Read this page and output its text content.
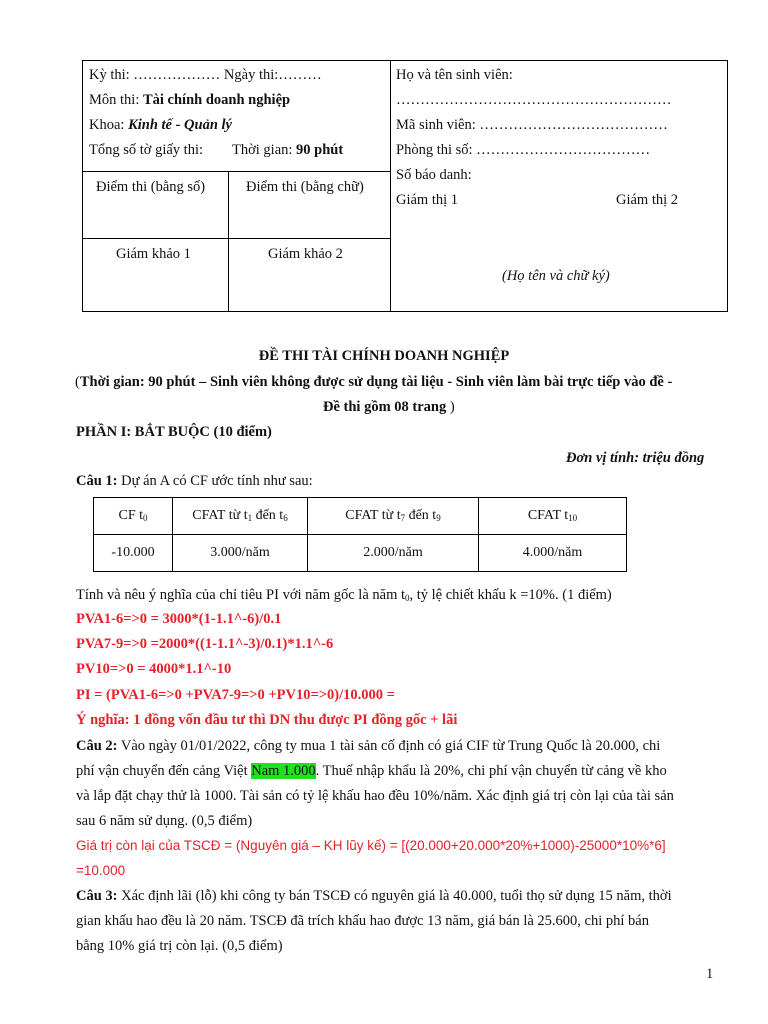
Kỳ thi: ……………… Ngày thi:………
Môn thi: Tài chính doanh nghiệp
Khoa: Kinh tế - Quản lý
Tổng số tờ giấy thi: Thời gian: 90 phút
Điểm thi (bằng số)	Điểm thi (bằng chữ)
Giám khảo 1	Giám khảo 2
Họ và tên sinh viên:
…………………………………………………
Mã sinh viên: …………………………………
Phòng thi số: ………………………………
Số báo danh:
Giám thị 1	Giám thị 2
(Họ tên và chữ ký)
ĐỀ THI TÀI CHÍNH DOANH NGHIỆP
(Thời gian: 90 phút – Sinh viên không được sử dụng tài liệu - Sinh viên làm bài trực tiếp vào đề -
Đề thi gồm 08 trang )
PHẦN I: BẮT BUỘC (10 điểm)
Đơn vị tính: triệu đồng
Câu 1: Dự án A có CF ước tính như sau:
CF $t_0$	CFAT từ $t_1$ đến $t_6$	CFAT từ $t_7$ đến $t_9$	CFAT $t_{10}$
-10.000	3.000/năm	2.000/năm	4.000/năm
Tính và nêu ý nghĩa của chỉ tiêu PI với năm gốc là năm $t_0$, tỷ lệ chiết khấu k =10%. (1 điểm)
PVA1-6=>0 = 3000*(1-1.1^-6)/0.1
PVA7-9=>0 =2000*((1-1.1^-3)/0.1)*1.1^-6
PV10=>0 = 4000*1.1^-10
PI = (PVA1-6=>0 +PVA7-9=>0 +PV10=>0)/10.000 =
Ý nghĩa: 1 đồng vốn đầu tư thì DN thu được PI đồng gốc + lãi
Câu 2: Vào ngày 01/01/2022, công ty mua 1 tài sản cố định có giá CIF từ Trung Quốc là 20.000, chi
phí vận chuyển đến cảng Việt Nam 1.000. Thuế nhập khẩu là 20%, chi phí vận chuyển từ cảng về kho
và lắp đặt chạy thử là 1000. Tài sản có tỷ lệ khấu hao đều 10%/năm. Xác định giá trị còn lại của tài sản
sau 6 năm sử dụng. (0,5 điểm)
Giá trị còn lại của TSCĐ = (Nguyên giá – KH lũy kế) = [(20.000+20.000*20%+1000)-25000*10%*6]
=10.000
Câu 3: Xác định lãi (lỗ) khi công ty bán TSCĐ có nguyên giá là 40.000, tuổi thọ sử dụng 15 năm, thời
gian khấu hao đều là 20 năm. TSCĐ đã trích khấu hao được 13 năm, giá bán là 25.600, chi phí bán
bằng 10% giá trị còn lại. (0,5 điểm)
1
